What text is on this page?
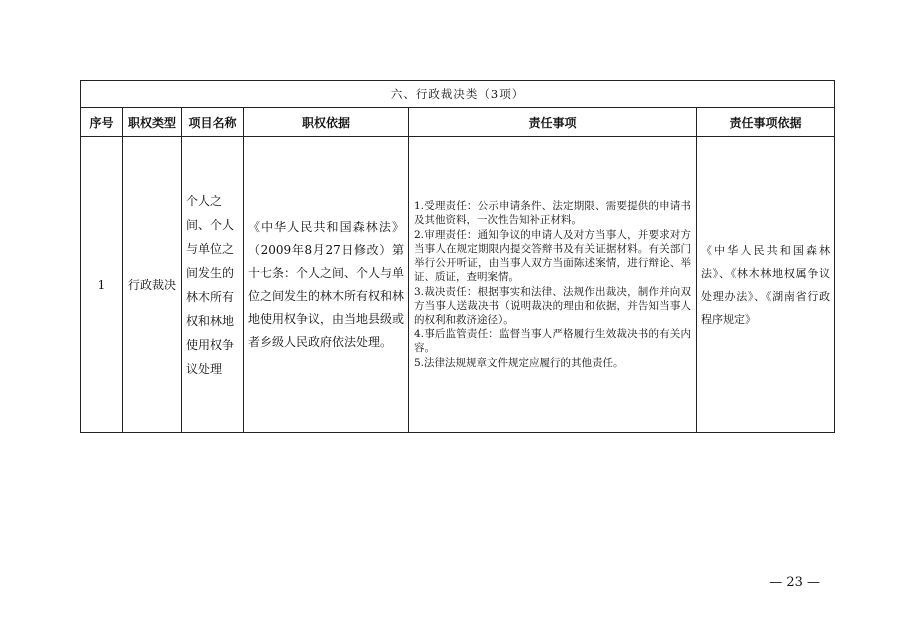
六、行政裁决类（3项）					
序号	职权类型	项目名称	职权依据	责任事项	责任事项依据
1	行政裁决	个人之间、个人与单位之间发生的林木所有权和林地使用权争议处理	《中华人民共和国森林法》（2009年8月27日修改）第十七条：个人之间、个人与单位之间发生的林木所有权和林地使用权争议，由当地县级或者乡级人民政府依法处理。	1.受理责任：公示申请条件、法定期限、需要提供的申请书及其他资料，一次性告知补正材料。
2.审理责任：通知争议的申请人及对方当事人，并要求对方当事人在规定期限内提交答辩书及有关证据材料。有关部门举行公开听证，由当事人双方当面陈述案情，进行辩论、举证、质证，查明案情。
3.裁决责任：根据事实和法律、法规作出裁决，制作并向双方当事人送裁决书（说明裁决的理由和依据，并告知当事人的权利和救济途径）。
4.事后监管责任：监督当事人严格履行生效裁决书的有关内容。
5.法律法规规章文件规定应履行的其他责任。	《中华人民共和国森林法》、《林木林地权属争议处理办法》、《湖南省行政程序规定》
— 23 —
